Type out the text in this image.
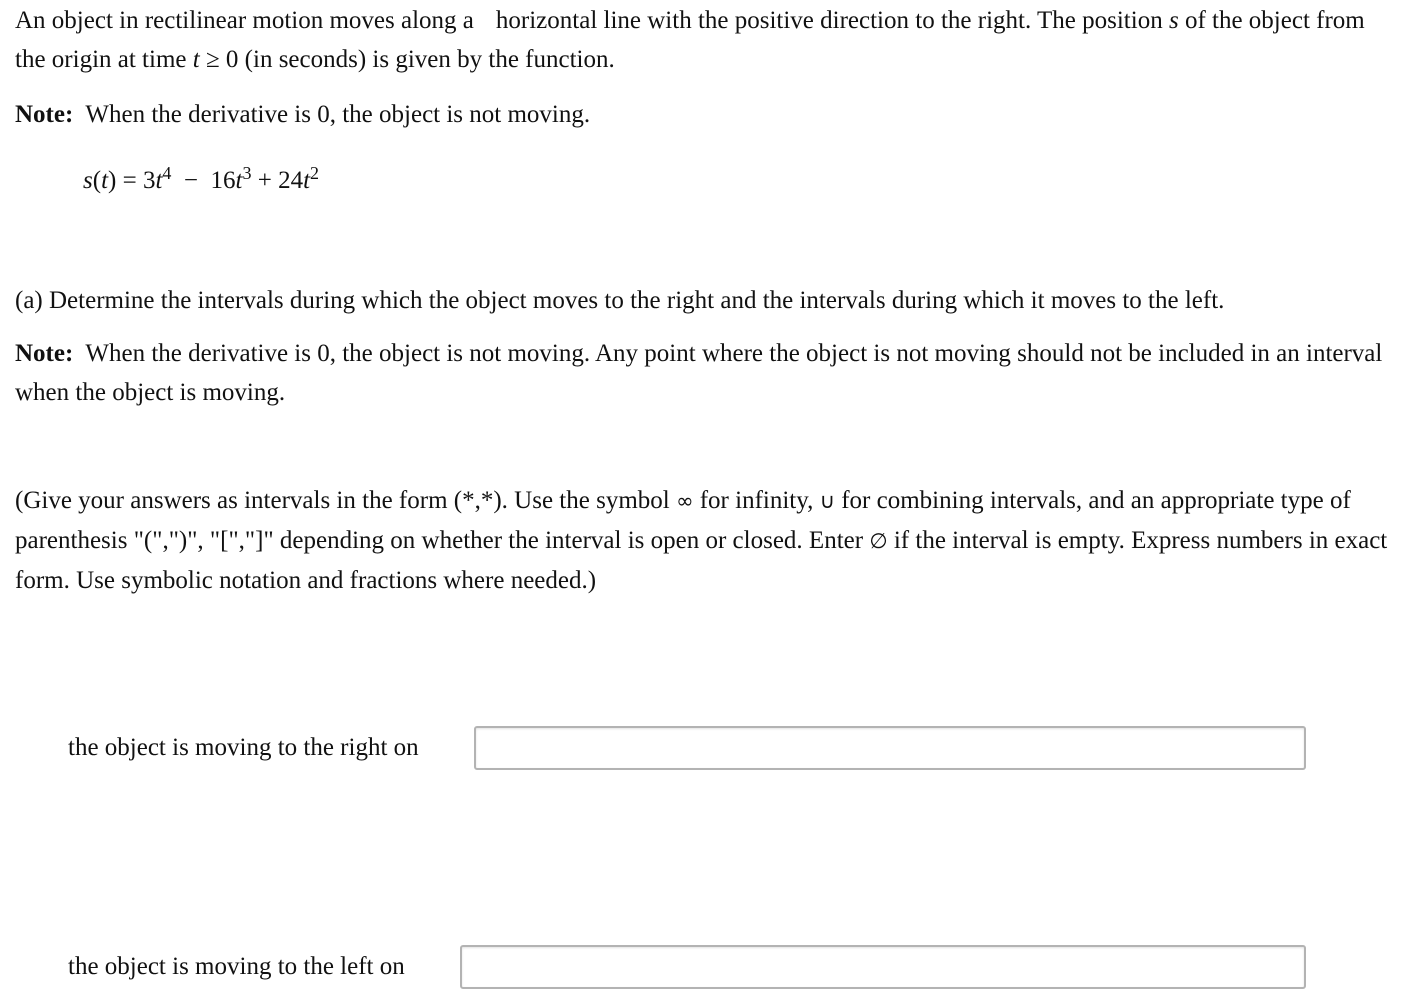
An object in rectilinear motion moves along a horizontal line with the positive direction to the right. The position s of the object from the origin at time t ≥ 0 (in seconds) is given by the function.

Note: When the derivative is 0, the object is not moving.

$s(t) = 3t^4 - 16t^3 + 24t^2$

(a) Determine the intervals during which the object moves to the right and the intervals during which it moves to the left.

Note: When the derivative is 0, the object is not moving. Any point where the object is not moving should not be included in an interval when the object is moving.

(Give your answers as intervals in the form (*,*). Use the symbol ∞ for infinity, ∪ for combining intervals, and an appropriate type of parenthesis "(",")", "[","]" depending on whether the interval is open or closed. Enter ∅ if the interval is empty. Express numbers in exact form. Use symbolic notation and fractions where needed.)

the object is moving to the right on
the object is moving to the left on
